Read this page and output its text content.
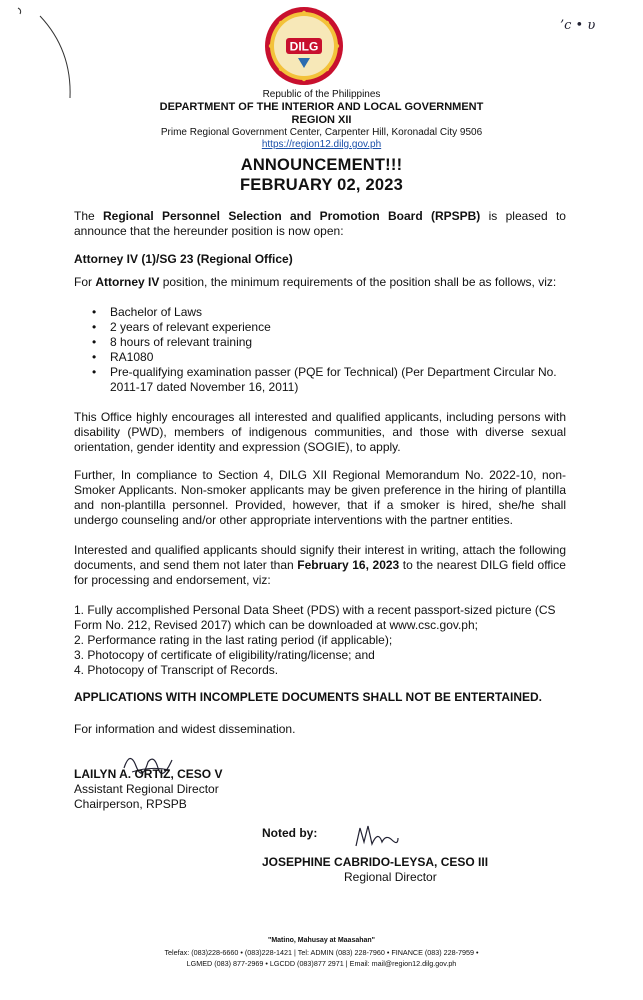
’с • υ
DILG
Republic of the Philippines
DEPARTMENT OF THE INTERIOR AND LOCAL GOVERNMENT
REGION XII
Prime Regional Government Center, Carpenter Hill, Koronadal City 9506
https://region12.dilg.gov.ph
ANNOUNCEMENT!!!
FEBRUARY 02, 2023
The Regional Personnel Selection and Promotion Board (RPSPB) is pleased to announce that the hereunder position is now open:
Attorney IV (1)/SG 23 (Regional Office)
For Attorney IV position, the minimum requirements of the position shall be as follows, viz:
• Bachelor of Laws
• 2 years of relevant experience
• 8 hours of relevant training
• RA1080
• Pre-qualifying examination passer (PQE for Technical) (Per Department Circular No. 2011-17 dated November 16, 2011)
This Office highly encourages all interested and qualified applicants, including persons with disability (PWD), members of indigenous communities, and those with diverse sexual orientation, gender identity and expression (SOGIE), to apply.
Further, In compliance to Section 4, DILG XII Regional Memorandum No. 2022-10, non-Smoker Applicants. Non-smoker applicants may be given preference in the hiring of plantilla and non-plantilla personnel. Provided, however, that if a smoker is hired, she/he shall undergo counseling and/or other appropriate interventions with the partner entities.
Interested and qualified applicants should signify their interest in writing, attach the following documents, and send them not later than February 16, 2023 to the nearest DILG field office for processing and endorsement, viz:
1. Fully accomplished Personal Data Sheet (PDS) with a recent passport-sized picture (CS Form No. 212, Revised 2017) which can be downloaded at www.csc.gov.ph;
2. Performance rating in the last rating period (if applicable);
3. Photocopy of certificate of eligibility/rating/license; and
4. Photocopy of Transcript of Records.
APPLICATIONS WITH INCOMPLETE DOCUMENTS SHALL NOT BE ENTERTAINED.
For information and widest dissemination.
LAILYN A. ORTIZ, CESO V
Assistant Regional Director
Chairperson, RPSPB
Noted by:
JOSEPHINE CABRIDO-LEYSA, CESO III
Regional Director
"Matino, Mahusay at Maasahan"
Telefax: (083)228-6660 • (083)228-1421 | Tel: ADMIN (083) 228-7960 • FINANCE (083) 228-7959 •
LGMED (083) 877-2969 • LGCDD (083)877 2971 | Email: mail@region12.dilg.gov.ph
